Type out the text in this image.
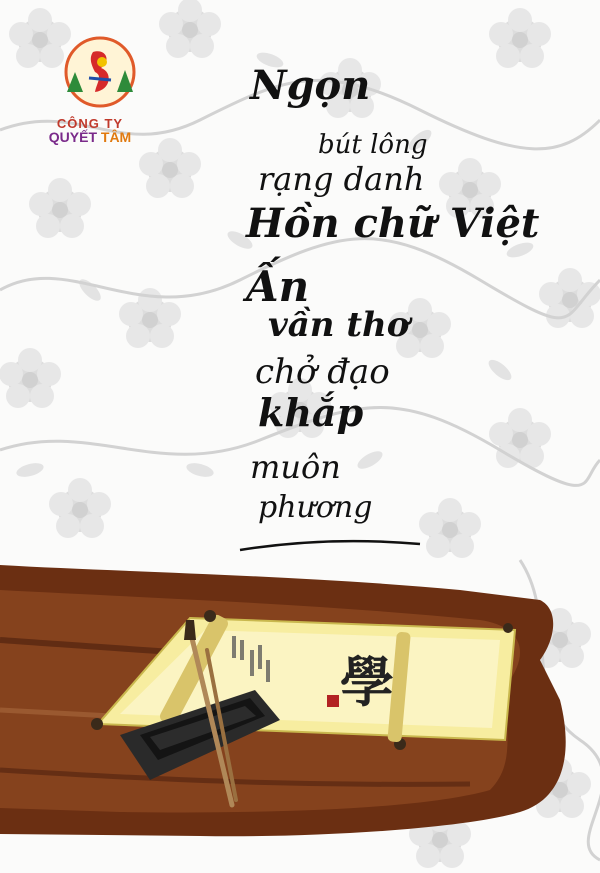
CÔNG TY
QUYẾT TÂM
Ngọn
bút lông
rạng danh
Hồn chữ Việt
Ấn
vần thơ
chở đạo
khắp
muôn
phương
學
